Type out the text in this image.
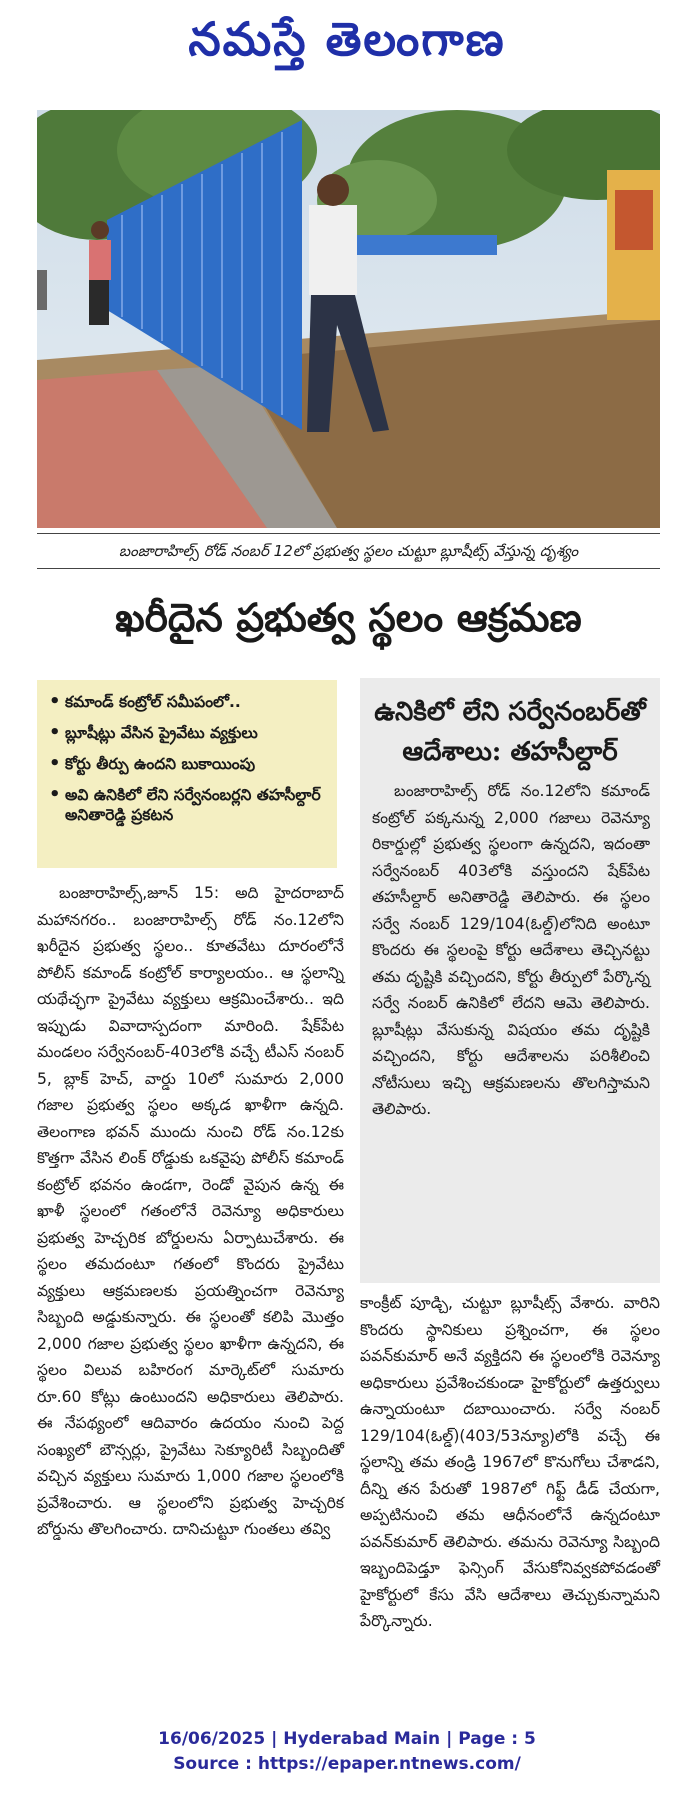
నమస్తే తెలంగాణ
బంజారాహిల్స్ రోడ్ నంబర్ 12లో ప్రభుత్వ స్థలం చుట్టూ బ్లూషీట్స్ వేస్తున్న దృశ్యం
ఖరీదైన ప్రభుత్వ స్థలం ఆక్రమణ
• కమాండ్ కంట్రోల్ సమీపంలో..
• బ్లూషీట్లు వేసిన ప్రైవేటు వ్యక్తులు
• కోర్టు తీర్పు ఉందని బుకాయింపు
• అవి ఉనికిలో లేని సర్వేనంబర్లని తహసీల్దార్ అనితారెడ్డి ప్రకటన

బంజారాహిల్స్,జూన్ 15: అది హైదరాబాద్ మహానగరం.. బంజారాహిల్స్ రోడ్ నం.12లోని ఖరీదైన ప్రభుత్వ స్థలం.. కూతవేటు దూరంలోనే పోలీస్ కమాండ్ కంట్రోల్ కార్యాలయం.. ఆ స్థలాన్ని యథేచ్ఛగా ప్రైవేటు వ్యక్తులు ఆక్రమించేశారు.. ఇది ఇప్పుడు వివాదాస్పదంగా మారింది. షేక్‌పేట మండలం సర్వేనంబర్-403లోకి వచ్చే టీఎస్ నంబర్ 5, బ్లాక్ హెచ్, వార్డు 10లో సుమారు 2,000 గజాల ప్రభుత్వ స్థలం అక్కడ ఖాళీగా ఉన్నది. తెలంగాణ భవన్ ముందు నుంచి రోడ్ నం.12కు కొత్తగా వేసిన లింక్ రోడ్డుకు ఒకవైపు పోలీస్ కమాండ్ కంట్రోల్ భవనం ఉండగా, రెండో వైపున ఉన్న ఈ ఖాళీ స్థలంలో గతంలోనే రెవెన్యూ అధికారులు ప్రభుత్వ హెచ్చరిక బోర్డులను ఏర్పాటుచేశారు. ఈ స్థలం తమదంటూ గతంలో కొందరు ప్రైవేటు వ్యక్తులు ఆక్రమణలకు ప్రయత్నించగా రెవెన్యూ సిబ్బంది అడ్డుకున్నారు. ఈ స్థలంతో కలిపి మొత్తం 2,000 గజాల ప్రభుత్వ స్థలం ఖాళీగా ఉన్నదని, ఈ స్థలం విలువ బహిరంగ మార్కెట్‌లో సుమారు రూ.60 కోట్లు ఉంటుందని అధికారులు తెలిపారు. ఈ నేపథ్యంలో ఆదివారం ఉదయం నుంచి పెద్ద సంఖ్యలో బౌన్సర్లు, ప్రైవేటు సెక్యూరిటీ సిబ్బందితో వచ్చిన వ్యక్తులు సుమారు 1,000 గజాల స్థలంలోకి ప్రవేశించారు. ఆ స్థలంలోని ప్రభుత్వ హెచ్చరిక బోర్డును తొలగించారు. దానిచుట్టూ గుంతలు తవ్వి

ఉనికిలో లేని సర్వేనంబర్‌తో ఆదేశాలు: తహసీల్దార్

బంజారాహిల్స్ రోడ్ నం.12లోని కమాండ్ కంట్రోల్ పక్కనున్న 2,000 గజాలు రెవెన్యూ రికార్డుల్లో ప్రభుత్వ స్థలంగా ఉన్నదని, ఇదంతా సర్వేనంబర్ 403లోకి వస్తుందని షేక్‌పేట తహసీల్దార్ అనితారెడ్డి తెలిపారు. ఈ స్థలం సర్వే నంబర్ 129/104(ఓల్డ్)లోనిది అంటూ కొందరు ఈ స్థలంపై కోర్టు ఆదేశాలు తెచ్చినట్టు తమ దృష్టికి వచ్చిందని, కోర్టు తీర్పులో పేర్కొన్న సర్వే నంబర్ ఉనికిలో లేదని ఆమె తెలిపారు. బ్లూషీట్లు వేసుకున్న విషయం తమ దృష్టికి వచ్చిందని, కోర్టు ఆదేశాలను పరిశీలించి నోటీసులు ఇచ్చి ఆక్రమణలను తొలగిస్తామని తెలిపారు.

కాంక్రీట్ పూడ్చి, చుట్టూ బ్లూషీట్స్ వేశారు. వారిని కొందరు స్థానికులు ప్రశ్నించగా, ఈ స్థలం పవన్‌కుమార్ అనే వ్యక్తిదని ఈ స్థలంలోకి రెవెన్యూ అధికారులు ప్రవేశించకుండా హైకోర్టులో ఉత్తర్వులు ఉన్నాయంటూ దబాయించారు. సర్వే నంబర్ 129/104(ఓల్డ్)(403/53న్యూ)లోకి వచ్చే ఈ స్థలాన్ని తమ తండ్రి 1967లో కొనుగోలు చేశాడని, దీన్ని తన పేరుతో 1987లో గిఫ్ట్ డీడ్ చేయగా, అప్పటినుంచి తమ ఆధీనంలోనే ఉన్నదంటూ పవన్‌కుమార్ తెలిపారు. తమను రెవెన్యూ సిబ్బంది ఇబ్బందిపెడ్తూ ఫెన్సింగ్ వేసుకోనివ్వకపోవడంతో హైకోర్టులో కేసు వేసి ఆదేశాలు తెచ్చుకున్నామని పేర్కొన్నారు.

16/06/2025 | Hyderabad Main | Page : 5
Source : https://epaper.ntnews.com/
